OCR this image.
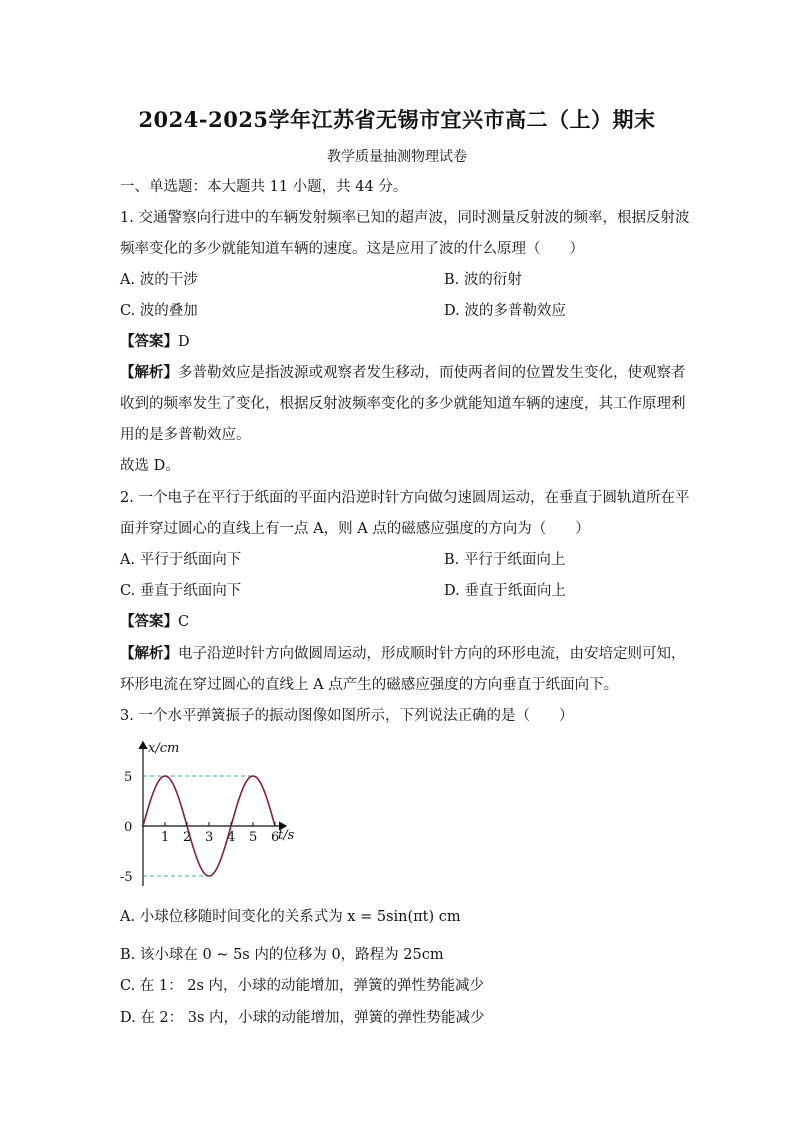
2024-2025学年江苏省无锡市宜兴市高二（上）期末
教学质量抽测物理试卷
一、单选题：本大题共 11 小题，共 44 分。
1. 交通警察向行进中的车辆发射频率已知的超声波，同时测量反射波的频率，根据反射波
频率变化的多少就能知道车辆的速度。这是应用了波的什么原理（　　）
A. 波的干涉	B. 波的衍射
C. 波的叠加	D. 波的多普勒效应
【答案】D
【解析】多普勒效应是指波源或观察者发生移动，而使两者间的位置发生变化，使观察者
收到的频率发生了变化，根据反射波频率变化的多少就能知道车辆的速度，其工作原理利
用的是多普勒效应。
故选 D。
2. 一个电子在平行于纸面的平面内沿逆时针方向做匀速圆周运动，在垂直于圆轨道所在平
面并穿过圆心的直线上有一点 A，则 A 点的磁感应强度的方向为（　　）
A. 平行于纸面向下	B. 平行于纸面向上
C. 垂直于纸面向下	D. 垂直于纸面向上
【答案】C
【解析】电子沿逆时针方向做圆周运动，形成顺时针方向的环形电流，由安培定则可知，
环形电流在穿过圆心的直线上 A 点产生的磁感应强度的方向垂直于纸面向下。
3. 一个水平弹簧振子的振动图像如图所示，下列说法正确的是（　　）
1 2 3 4 5 6
5
0
-5
x/cm
t/s
A. 小球位移随时间变化的关系式为 x = 5sin(πt) cm
B. 该小球在 0 ~ 5s 内的位移为 0，路程为 25cm
C. 在 1： 2s 内，小球的动能增加，弹簧的弹性势能减少
D. 在 2： 3s 内，小球的动能增加，弹簧的弹性势能减少
